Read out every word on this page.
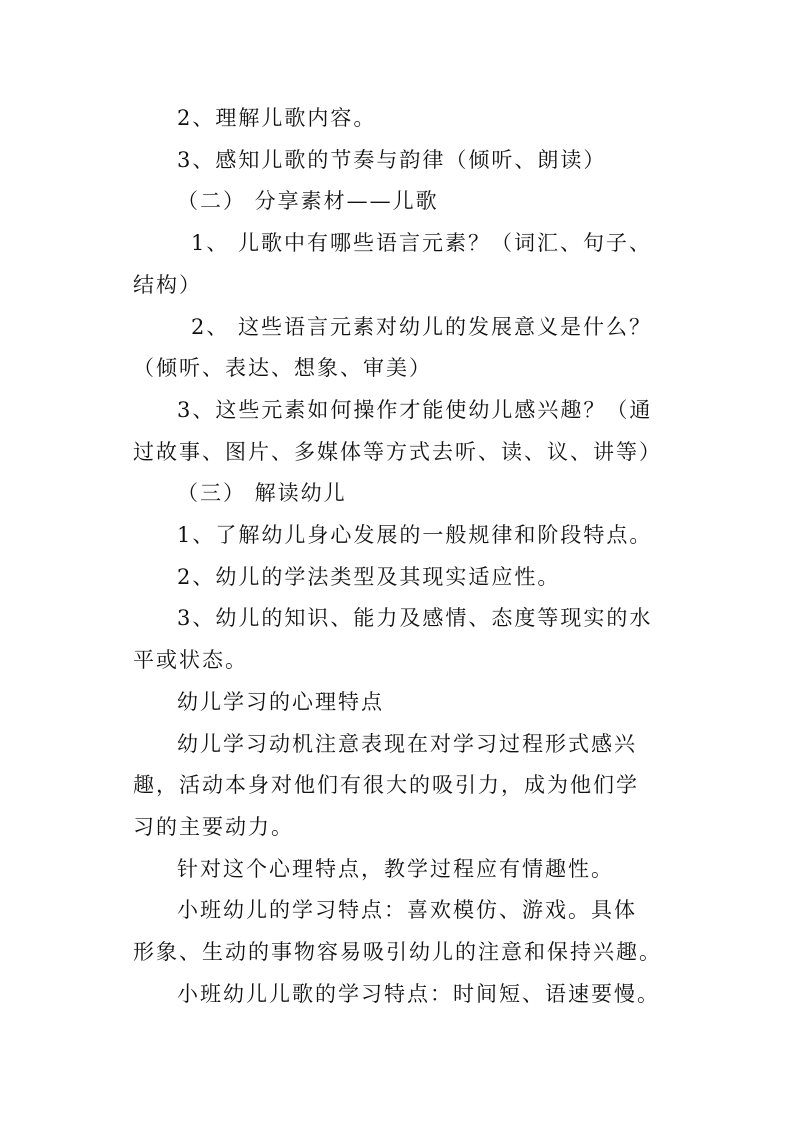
2、理解儿歌内容。
3、感知儿歌的节奏与韵律（倾听、朗读）
（二） 分享素材——儿歌
1、 儿歌中有哪些语言元素？（词汇、句子、
结构）
2、 这些语言元素对幼儿的发展意义是什么？
（倾听、表达、想象、审美）
3、这些元素如何操作才能使幼儿感兴趣？（通
过故事、图片、多媒体等方式去听、读、议、讲等）
（三） 解读幼儿
1、了解幼儿身心发展的一般规律和阶段特点。
2、幼儿的学法类型及其现实适应性。
3、幼儿的知识、能力及感情、态度等现实的水
平或状态。
幼儿学习的心理特点
幼儿学习动机注意表现在对学习过程形式感兴
趣，活动本身对他们有很大的吸引力，成为他们学
习的主要动力。
针对这个心理特点，教学过程应有情趣性。
小班幼儿的学习特点：喜欢模仿、游戏。具体
形象、生动的事物容易吸引幼儿的注意和保持兴趣。
小班幼儿儿歌的学习特点：时间短、语速要慢。
